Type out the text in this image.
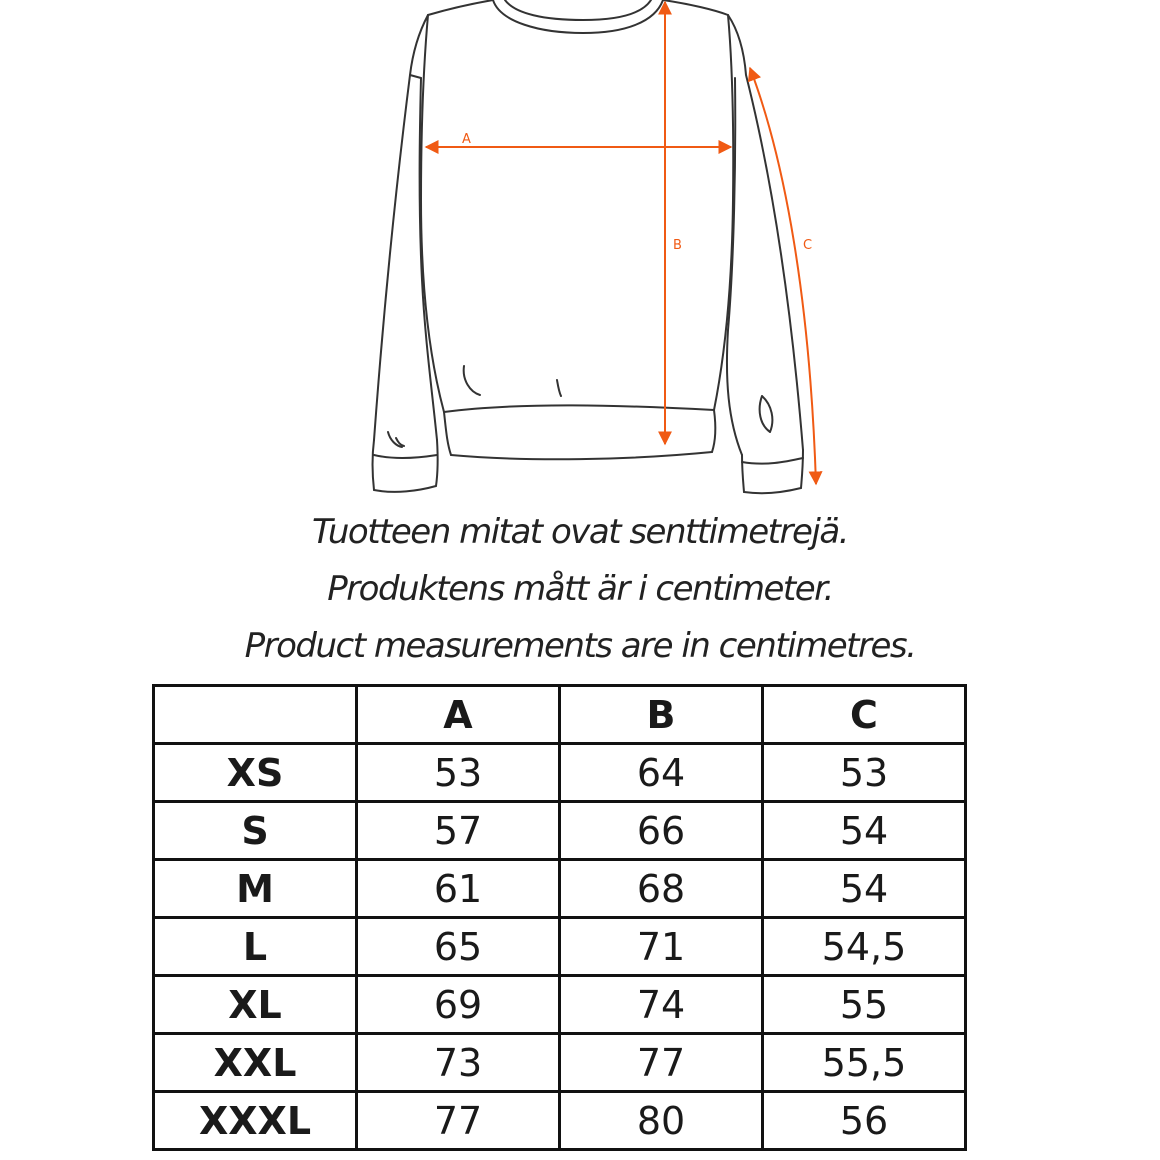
A
B	C
Tuotteen mitat ovat senttimetrejä.
Produktens mått är i centimeter.
Product measurements are in centimetres.
	A	B	C
XS	53	64	53
S	57	66	54
M	61	68	54
L	65	71	54,5
XL	69	74	55
XXL	73	77	55,5
XXXL	77	80	56
